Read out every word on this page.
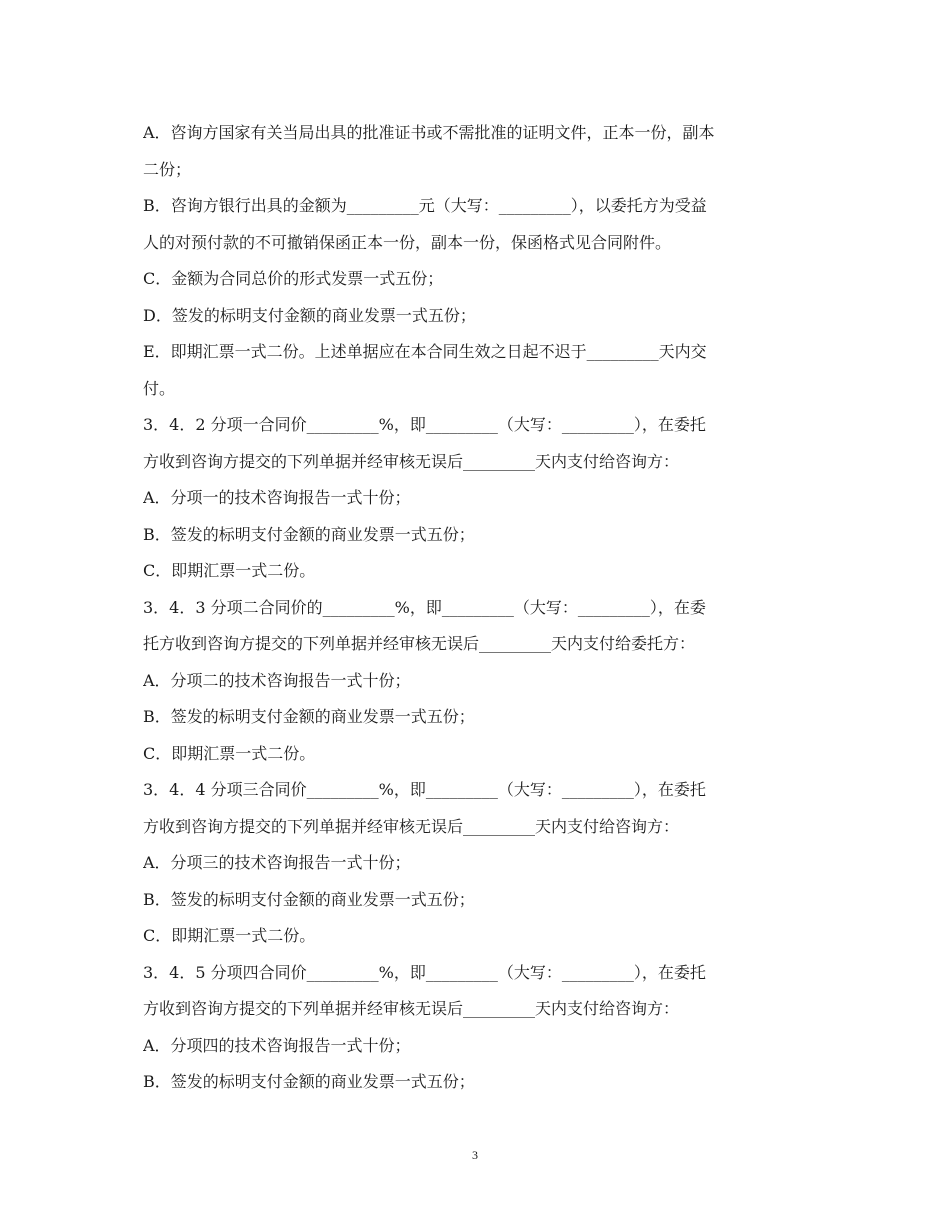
A．咨询方国家有关当局出具的批准证书或不需批准的证明文件，正本一份，副本
二份；
B．咨询方银行出具的金额为_________元（大写：_________），以委托方为受益
人的对预付款的不可撤销保函正本一份，副本一份，保函格式见合同附件。
C．金额为合同总价的形式发票一式五份；
D．签发的标明支付金额的商业发票一式五份；
E．即期汇票一式二份。上述单据应在本合同生效之日起不迟于_________天内交
付。
3．4．2 分项一合同价_________%，即_________（大写：_________），在委托
方收到咨询方提交的下列单据并经审核无误后_________天内支付给咨询方：
A．分项一的技术咨询报告一式十份；
B．签发的标明支付金额的商业发票一式五份；
C．即期汇票一式二份。
3．4．3 分项二合同价的_________%，即_________（大写：_________），在委
托方收到咨询方提交的下列单据并经审核无误后_________天内支付给委托方：
A．分项二的技术咨询报告一式十份；
B．签发的标明支付金额的商业发票一式五份；
C．即期汇票一式二份。
3．4．4 分项三合同价_________%，即_________（大写：_________），在委托
方收到咨询方提交的下列单据并经审核无误后_________天内支付给咨询方：
A．分项三的技术咨询报告一式十份；
B．签发的标明支付金额的商业发票一式五份；
C．即期汇票一式二份。
3．4．5 分项四合同价_________%，即_________（大写：_________），在委托
方收到咨询方提交的下列单据并经审核无误后_________天内支付给咨询方：
A．分项四的技术咨询报告一式十份；
B．签发的标明支付金额的商业发票一式五份；
3
